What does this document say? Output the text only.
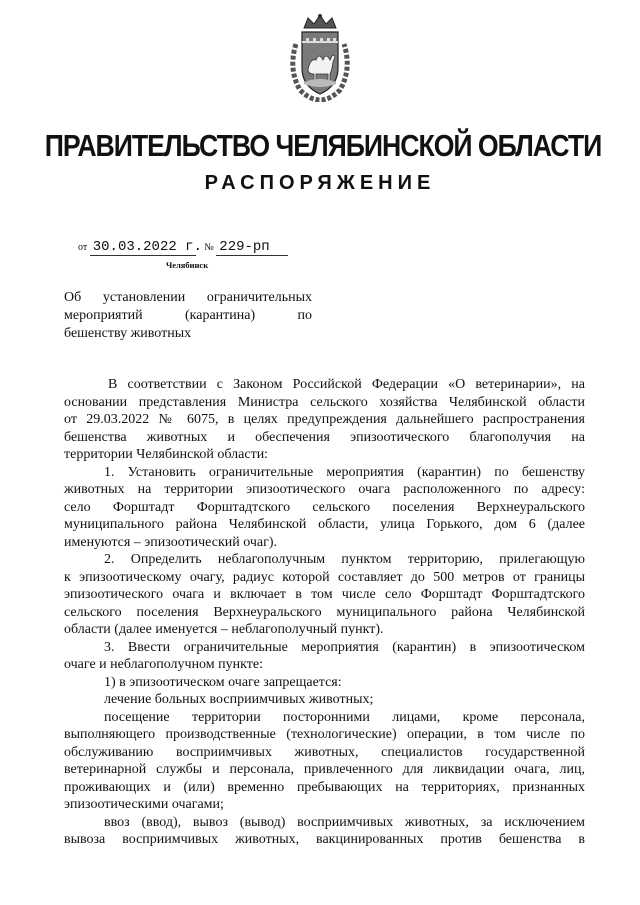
ПРАВИТЕЛЬСТВО ЧЕЛЯБИНСКОЙ ОБЛАСТИ
РАСПОРЯЖЕНИЕ
от 30.03.2022 г. № 229-рп
Челябинск
Об установлении ограничительных
мероприятий (карантина) по
бешенству животных
В соответствии с Законом Российской Федерации «О ветеринарии», на
основании представления Министра сельского хозяйства Челябинской области
от 29.03.2022 № 6075, в целях предупреждения дальнейшего распространения
бешенства животных и обеспечения эпизоотического благополучия на
территории Челябинской области:
1. Установить ограничительные мероприятия (карантин) по бешенству
животных на территории эпизоотического очага расположенного по адресу:
село Форштадт Форштадтского сельского поселения Верхнеуральского
муниципального района Челябинской области, улица Горького, дом 6 (далее
именуются – эпизоотический очаг).
2. Определить неблагополучным пунктом территорию, прилегающую
к эпизоотическому очагу, радиус которой составляет до 500 метров от границы
эпизоотического очага и включает в том числе село Форштадт Форштадтского
сельского поселения Верхнеуральского муниципального района Челябинской
области (далее именуется – неблагополучный пункт).
3. Ввести ограничительные мероприятия (карантин) в эпизоотическом
очаге и неблагополучном пункте:
1) в эпизоотическом очаге запрещается:
лечение больных восприимчивых животных;
посещение территории посторонними лицами, кроме персонала,
выполняющего производственные (технологические) операции, в том числе по
обслуживанию восприимчивых животных, специалистов государственной
ветеринарной службы и персонала, привлеченного для ликвидации очага, лиц,
проживающих и (или) временно пребывающих на территориях, признанных
эпизоотическими очагами;
ввоз (ввод), вывоз (вывод) восприимчивых животных, за исключением
вывоза восприимчивых животных, вакцинированных против бешенства в
